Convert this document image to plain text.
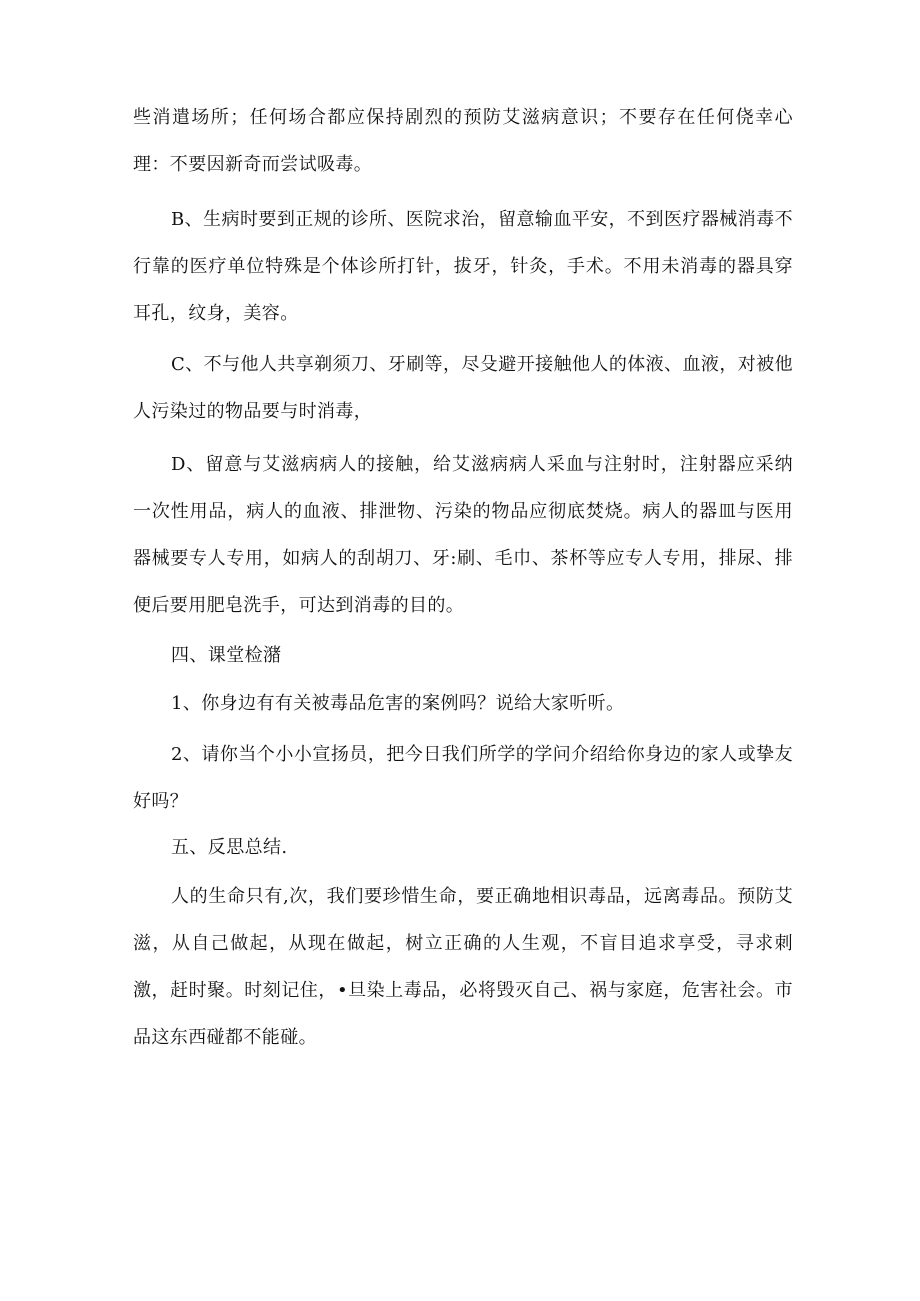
些消遣场所；任何场合都应保持剧烈的预防艾滋病意识；不要存在任何侥幸心理：不要因新奇而尝试吸毒。

B、生病时要到正规的诊所、医院求治，留意输血平安，不到医疗器械消毒不行靠的医疗单位特殊是个体诊所打针，拔牙，针灸，手术。不用未消毒的器具穿耳孔，纹身，美容。

C、不与他人共享剃须刀、牙刷等，尽殳避开接触他人的体液、血液，对被他人污染过的物品要与时消毒，

D、留意与艾滋病病人的接触，给艾滋病病人采血与注射时，注射器应采纳一次性用品，病人的血液、排泄物、污染的物品应彻底焚烧。病人的器皿与医用器械要专人专用，如病人的刮胡刀、牙:刷、毛巾、茶杯等应专人专用，排尿、排便后要用肥皂洗手，可达到消毒的目的。

四、课堂检潴

1、你身边有有关被毒品危害的案例吗？说给大家听听。

2、请你当个小小宣扬员，把今日我们所学的学问介绍给你身边的家人或挚友好吗？

五、反思总结.

人的生命只有,次，我们要珍惜生命，要正确地相识毒品，远离毒品。预防艾滋，从自己做起，从现在做起，树立正确的人生观，不盲目追求享受，寻求刺激，赶时聚。时刻记住，•旦染上毒品，必将毁灭自己、祸与家庭，危害社会。市品这东西碰都不能碰。
